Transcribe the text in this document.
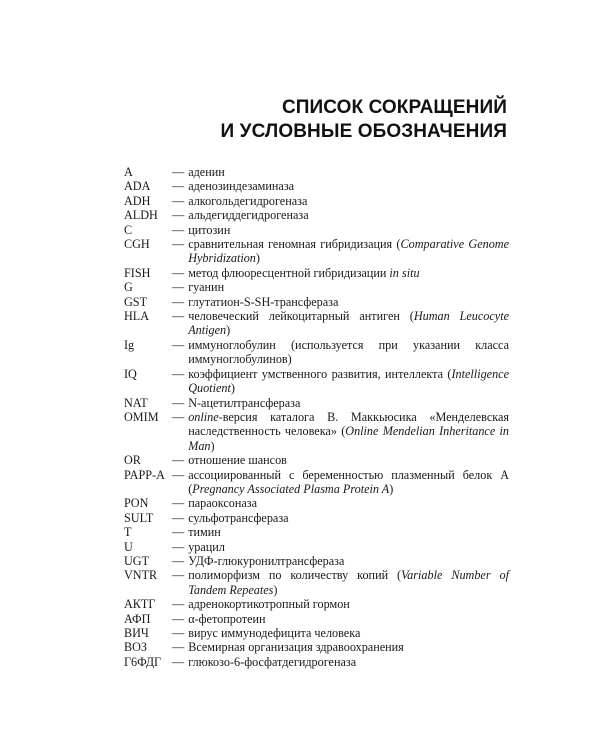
СПИСОК СОКРАЩЕНИЙ
И УСЛОВНЫЕ ОБОЗНАЧЕНИЯ
A	— аденин
ADA	— аденозиндезаминаза
ADH	— алкогольдегидрогеназа
ALDH	— альдегиддегидрогеназа
C	— цитозин
CGH	— сравнительная геномная гибридизация (Comparative Genome Hybridization)
FISH	— метод флюоресцентной гибридизации in situ
G	— гуанин
GST	— глутатион-S-SH-трансфераза
HLA	— человеческий лейкоцитарный антиген (Human Leucocyte Antigen)
Ig	— иммуноглобулин (используется при указании класса иммуноглобулинов)
IQ	— коэффициент умственного развития, интеллекта (Intelligence Quotient)
NAT	— N-ацетилтрансфераза
OMIM	— online-версия каталога В. Маккьюсика «Менделевская наследственность человека» (Online Mendelian Inheritance in Man)
OR	— отношение шансов
PAPP-A — ассоциированный с беременностью плазменный белок A (Pregnancy Associated Plasma Protein A)
PON	— параоксоназа
SULT	— сульфотрансфераза
T	— тимин
U	— урацил
UGT	— УДФ-глюкуронилтрансфераза
VNTR	— полиморфизм по количеству копий (Variable Number of Tandem Repeates)
АКТГ	— адренокортикотропный гормон
АФП	— α-фетопротеин
ВИЧ	— вирус иммунодефицита человека
ВОЗ	— Всемирная организация здравоохранения
Г6ФДГ — глюкозо-6-фосфатдегидрогеназа
